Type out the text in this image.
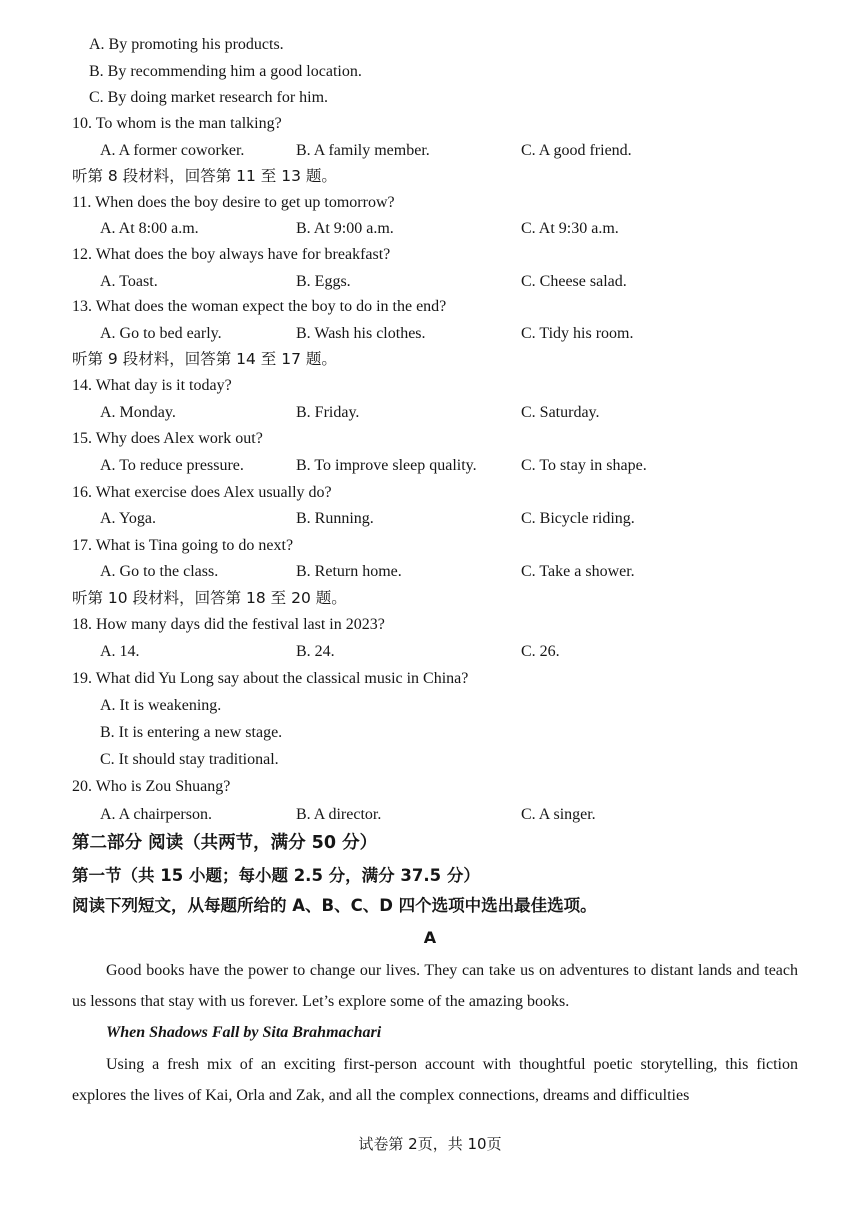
A. By promoting his products.
B. By recommending him a good location.
C. By doing market research for him.
10. To whom is the man talking?
A. A former coworker.	B. A family member.	C. A good friend.
听第 8 段材料，回答第 11 至 13 题。
11. When does the boy desire to get up tomorrow?
A. At 8:00 a.m.	B. At 9:00 a.m.	C. At 9:30 a.m.
12. What does the boy always have for breakfast?
A. Toast.	B. Eggs.	C. Cheese salad.
13. What does the woman expect the boy to do in the end?
A. Go to bed early.	B. Wash his clothes.	C. Tidy his room.
听第 9 段材料，回答第 14 至 17 题。
14. What day is it today?
A. Monday.	B. Friday.	C. Saturday.
15. Why does Alex work out?
A. To reduce pressure.	B. To improve sleep quality.	C. To stay in shape.
16. What exercise does Alex usually do?
A. Yoga.	B. Running.	C. Bicycle riding.
17. What is Tina going to do next?
A. Go to the class.	B. Return home.	C. Take a shower.
听第 10 段材料，回答第 18 至 20 题。
18. How many days did the festival last in 2023?
A. 14.	B. 24.	C. 26.
19. What did Yu Long say about the classical music in China?
A. It is weakening.
B. It is entering a new stage.
C. It should stay traditional.
20. Who is Zou Shuang?
A. A chairperson.	B. A director.	C. A singer.
第二部分 阅读（共两节，满分 50 分）
第一节（共 15 小题；每小题 2.5 分，满分 37.5 分）
阅读下列短文，从每题所给的 A、B、C、D 四个选项中选出最佳选项。
A

Good books have the power to change our lives. They can take us on adventures to distant lands and teach us lessons that stay with us forever. Let’s explore some of the amazing books.

When Shadows Fall by Sita Brahmachari

Using a fresh mix of an exciting first-person account with thoughtful poetic storytelling, this fiction explores the lives of Kai, Orla and Zak, and all the complex connections, dreams and difficulties

试卷第 2页，共 10页
